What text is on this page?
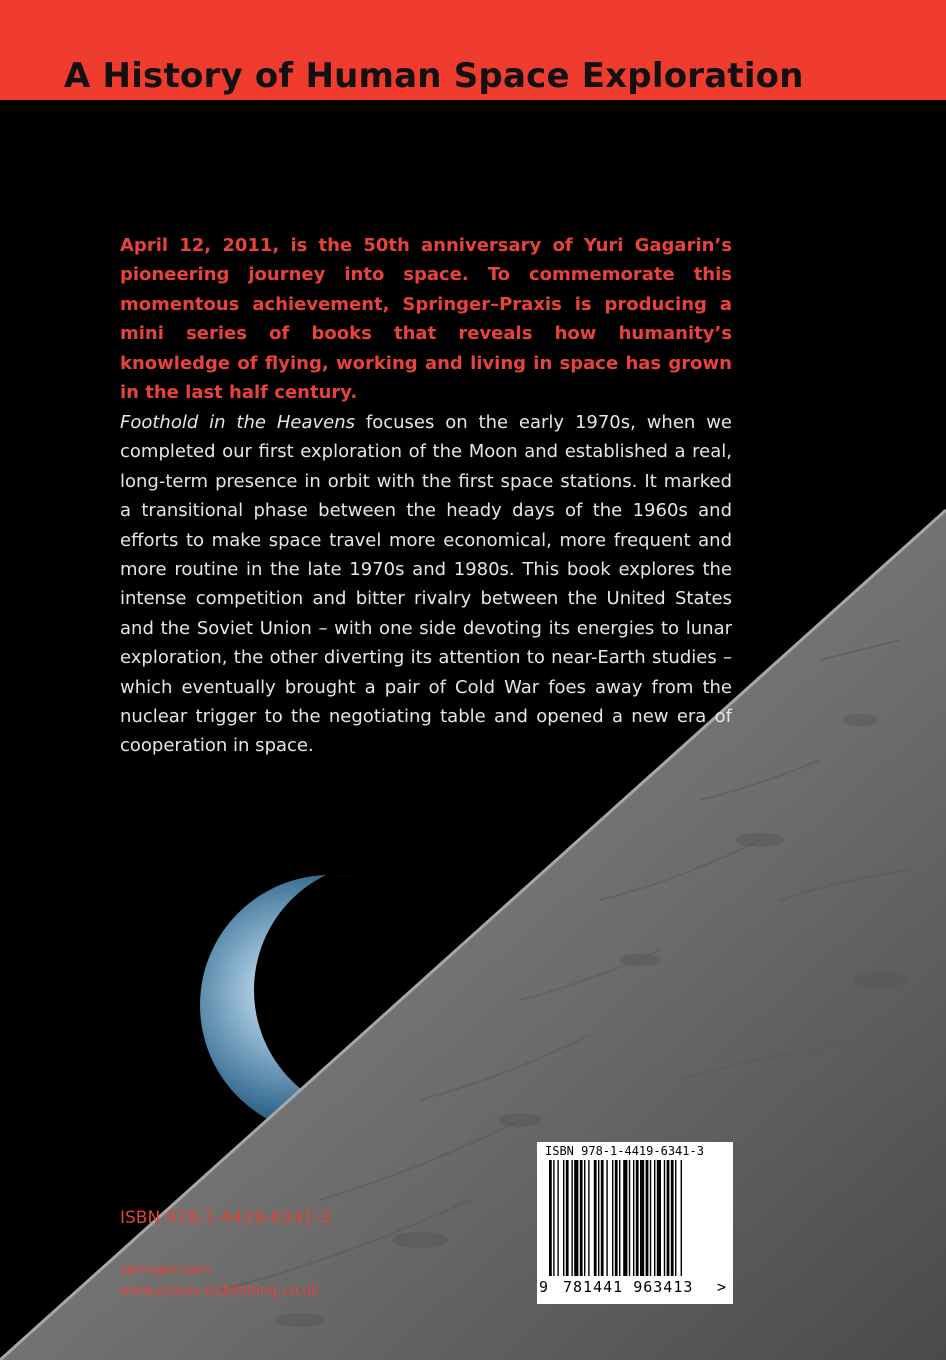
A History of Human Space Exploration

April 12, 2011, is the 50th anniversary of Yuri Gagarin’s pioneering journey into space. To commemorate this momentous achievement, Springer–Praxis is producing a mini series of books that reveals how humanity’s knowledge of flying, working and living in space has grown in the last half century.

Foothold in the Heavens focuses on the early 1970s, when we completed our first exploration of the Moon and established a real, long-term presence in orbit with the first space stations. It marked a transitional phase between the heady days of the 1960s and efforts to make space travel more economical, more frequent and more routine in the late 1970s and 1980s. This book explores the intense competition and bitter rivalry between the United States and the Soviet Union – with one side devoting its energies to lunar exploration, the other diverting its attention to near-Earth studies – which eventually brought a pair of Cold War foes away from the nuclear trigger to the negotiating table and opened a new era of cooperation in space.

ISBN 978-1-4419-6341-3
springer.com
www.praxis-publishing.co.uk
ISBN 978-1-4419-6341-3
9 781441 963413 >
